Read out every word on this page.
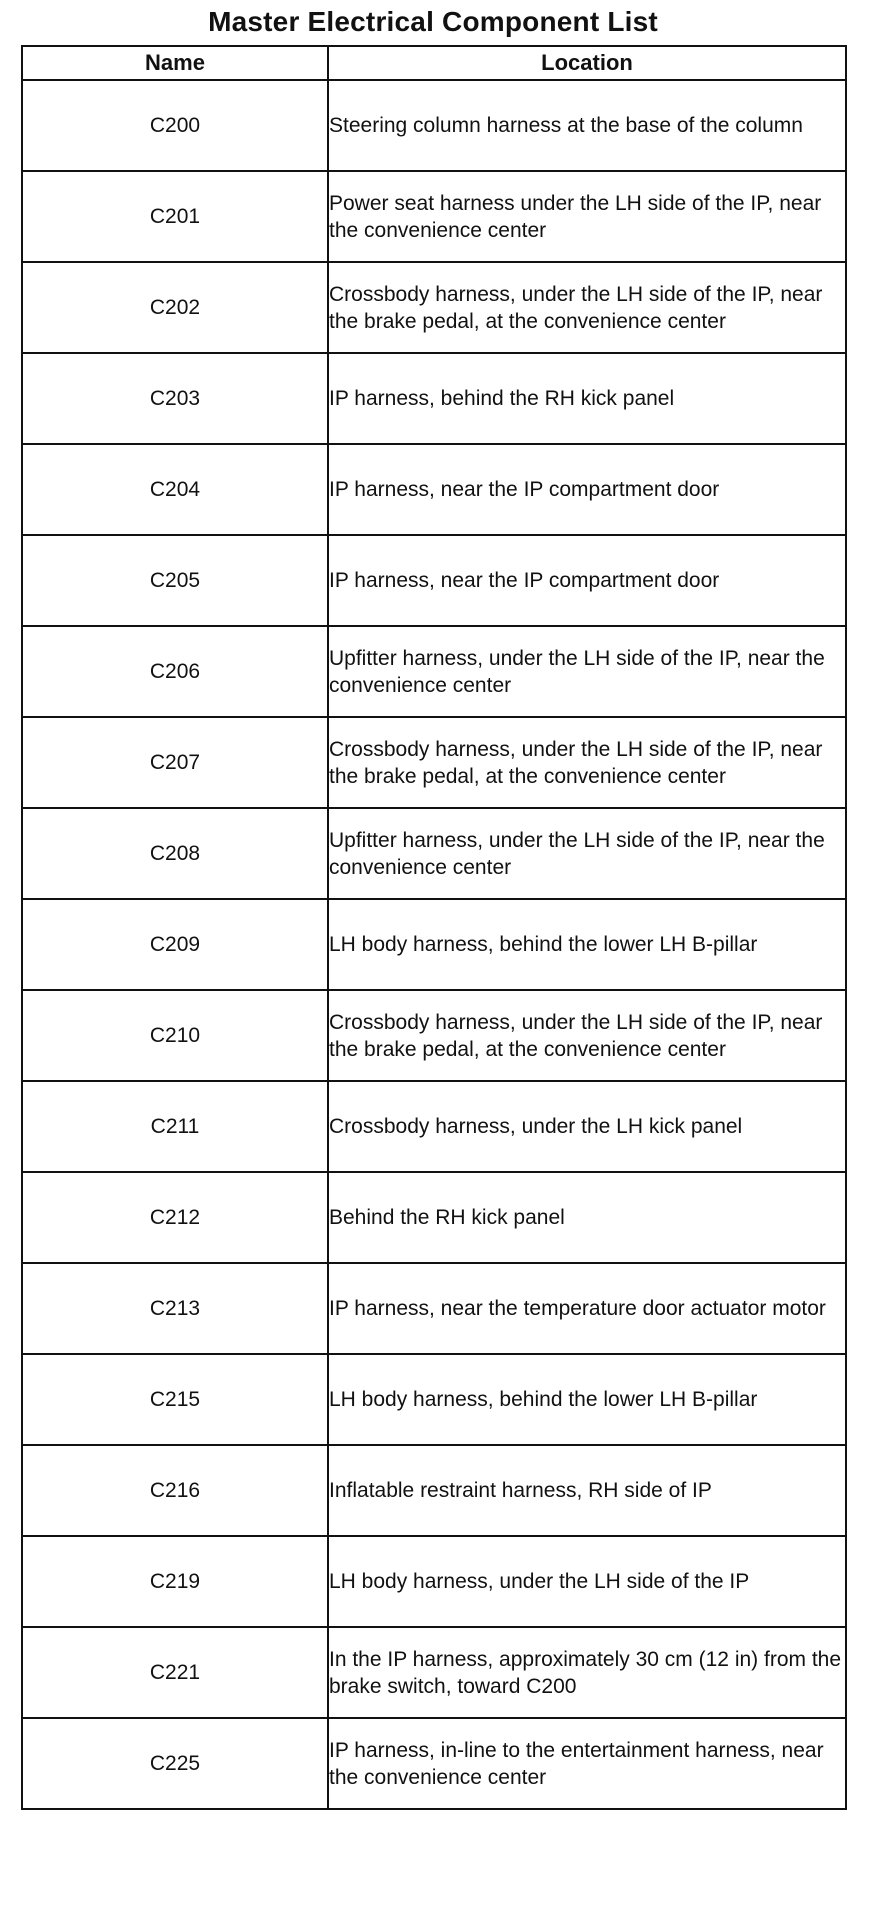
Master Electrical Component List
Name	Location
C200	Steering column harness at the base of the column
C201	Power seat harness under the LH side of the IP, near the convenience center
C202	Crossbody harness, under the LH side of the IP, near the brake pedal, at the convenience center
C203	IP harness, behind the RH kick panel
C204	IP harness, near the IP compartment door
C205	IP harness, near the IP compartment door
C206	Upfitter harness, under the LH side of the IP, near the convenience center
C207	Crossbody harness, under the LH side of the IP, near the brake pedal, at the convenience center
C208	Upfitter harness, under the LH side of the IP, near the convenience center
C209	LH body harness, behind the lower LH B-pillar
C210	Crossbody harness, under the LH side of the IP, near the brake pedal, at the convenience center
C211	Crossbody harness, under the LH kick panel
C212	Behind the RH kick panel
C213	IP harness, near the temperature door actuator motor
C215	LH body harness, behind the lower LH B-pillar
C216	Inflatable restraint harness, RH side of IP
C219	LH body harness, under the LH side of the IP
C221	In the IP harness, approximately 30 cm (12 in) from the brake switch, toward C200
C225	IP harness, in-line to the entertainment harness, near the convenience center
